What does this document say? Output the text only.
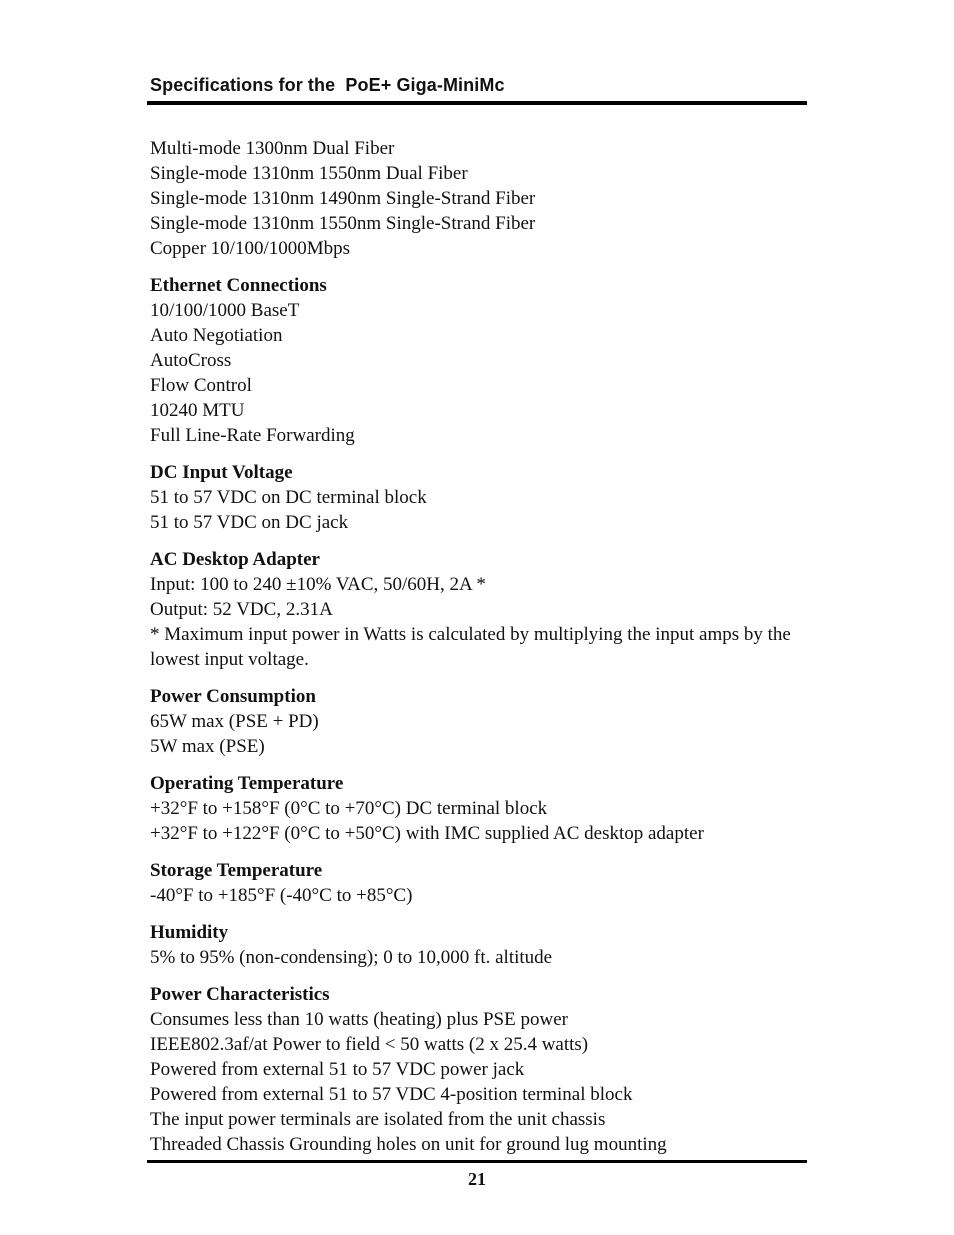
Specifications for the  PoE+ Giga-MiniMc
Multi-mode 1300nm Dual Fiber
Single-mode 1310nm 1550nm Dual Fiber
Single-mode 1310nm 1490nm Single-Strand Fiber
Single-mode 1310nm 1550nm Single-Strand Fiber
Copper 10/100/1000Mbps
Ethernet Connections
10/100/1000 BaseT
Auto Negotiation
AutoCross
Flow Control
10240 MTU
Full Line-Rate Forwarding
DC Input Voltage
51 to 57 VDC on DC terminal block
51 to 57 VDC on DC jack
AC Desktop Adapter
Input: 100 to 240 ±10% VAC, 50/60H, 2A *
Output: 52 VDC, 2.31A
* Maximum input power in Watts is calculated by multiplying the input amps by the lowest input voltage.
Power Consumption
65W max (PSE + PD)
5W max (PSE)
Operating Temperature
+32°F to +158°F (0°C to +70°C) DC terminal block
+32°F to +122°F (0°C to +50°C) with IMC supplied AC desktop adapter
Storage Temperature
-40°F to +185°F (-40°C to +85°C)
Humidity
5% to 95% (non-condensing); 0 to 10,000 ft. altitude
Power Characteristics
Consumes less than 10 watts (heating) plus PSE power
IEEE802.3af/at Power to field < 50 watts (2 x 25.4 watts)
Powered from external 51 to 57 VDC power jack
Powered from external 51 to 57 VDC 4-position terminal block
The input power terminals are isolated from the unit chassis
Threaded Chassis Grounding holes on unit for ground lug mounting
21
